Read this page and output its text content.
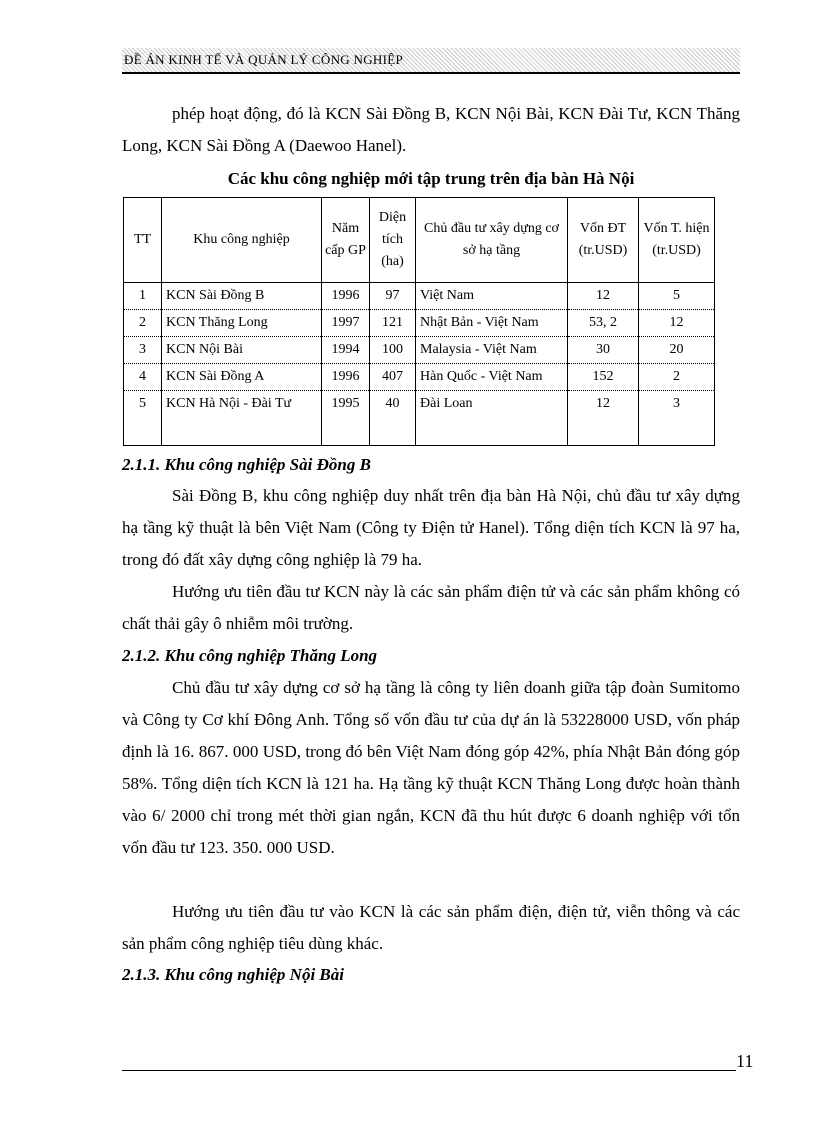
ĐỀ ÁN KINH TẾ VÀ QUẢN LÝ CÔNG NGHIỆP

phép hoạt động, đó là KCN Sài Đồng B, KCN Nội Bài, KCN Đài Tư, KCN Thăng Long, KCN Sài Đồng A (Daewoo Hanel).

Các khu công nghiệp mới tập trung trên địa bàn Hà Nội
TT	Khu công nghiệp	Năm cấp GP	Diện tích (ha)	Chủ đầu tư xây dựng cơ sở hạ tầng	Vốn ĐT (tr.USD)	Vốn T. hiện (tr.USD)
1	KCN Sài Đồng B	1996	97	Việt Nam	12	5
2	KCN Thăng Long	1997	121	Nhật Bản - Việt Nam	53, 2	12
3	KCN Nội Bài	1994	100	Malaysia - Việt Nam	30	20
4	KCN Sài Đồng A	1996	407	Hàn Quốc - Việt Nam	152	2
5	KCN Hà Nội - Đài Tư	1995	40	Đài Loan	12	3
2.1.1. Khu công nghiệp Sài Đồng B

Sài Đồng B, khu công nghiệp duy nhất trên địa bàn Hà Nội, chủ đầu tư xây dựng hạ tầng kỹ thuật là bên Việt Nam (Công ty Điện tử Hanel). Tổng diện tích KCN là 97 ha, trong đó đất xây dựng công nghiệp là 79 ha.

Hướng ưu tiên đầu tư KCN này là các sản phẩm điện tử và các sản phẩm không có chất thải gây ô nhiễm môi trường.

2.1.2. Khu công nghiệp Thăng Long

Chủ đầu tư xây dựng cơ sở hạ tầng là công ty liên doanh giữa tập đoàn Sumitomo và Công ty Cơ khí Đông Anh. Tổng số vốn đầu tư của dự án là 53228000 USD, vốn pháp định là 16. 867. 000 USD, trong đó bên Việt Nam đóng góp 42%, phía Nhật Bản đóng góp 58%. Tổng diện tích KCN là 121 ha. Hạ tầng kỹ thuật KCN Thăng Long được hoàn thành vào 6/ 2000 chỉ trong mét thời gian ngắn, KCN đã thu hút được 6 doanh nghiệp với tổn vốn đầu tư 123. 350. 000 USD.

Hướng ưu tiên đầu tư vào KCN là các sản phẩm điện, điện tử, viễn thông và các sản phẩm công nghiệp tiêu dùng khác.

2.1.3. Khu công nghiệp Nội Bài
11
